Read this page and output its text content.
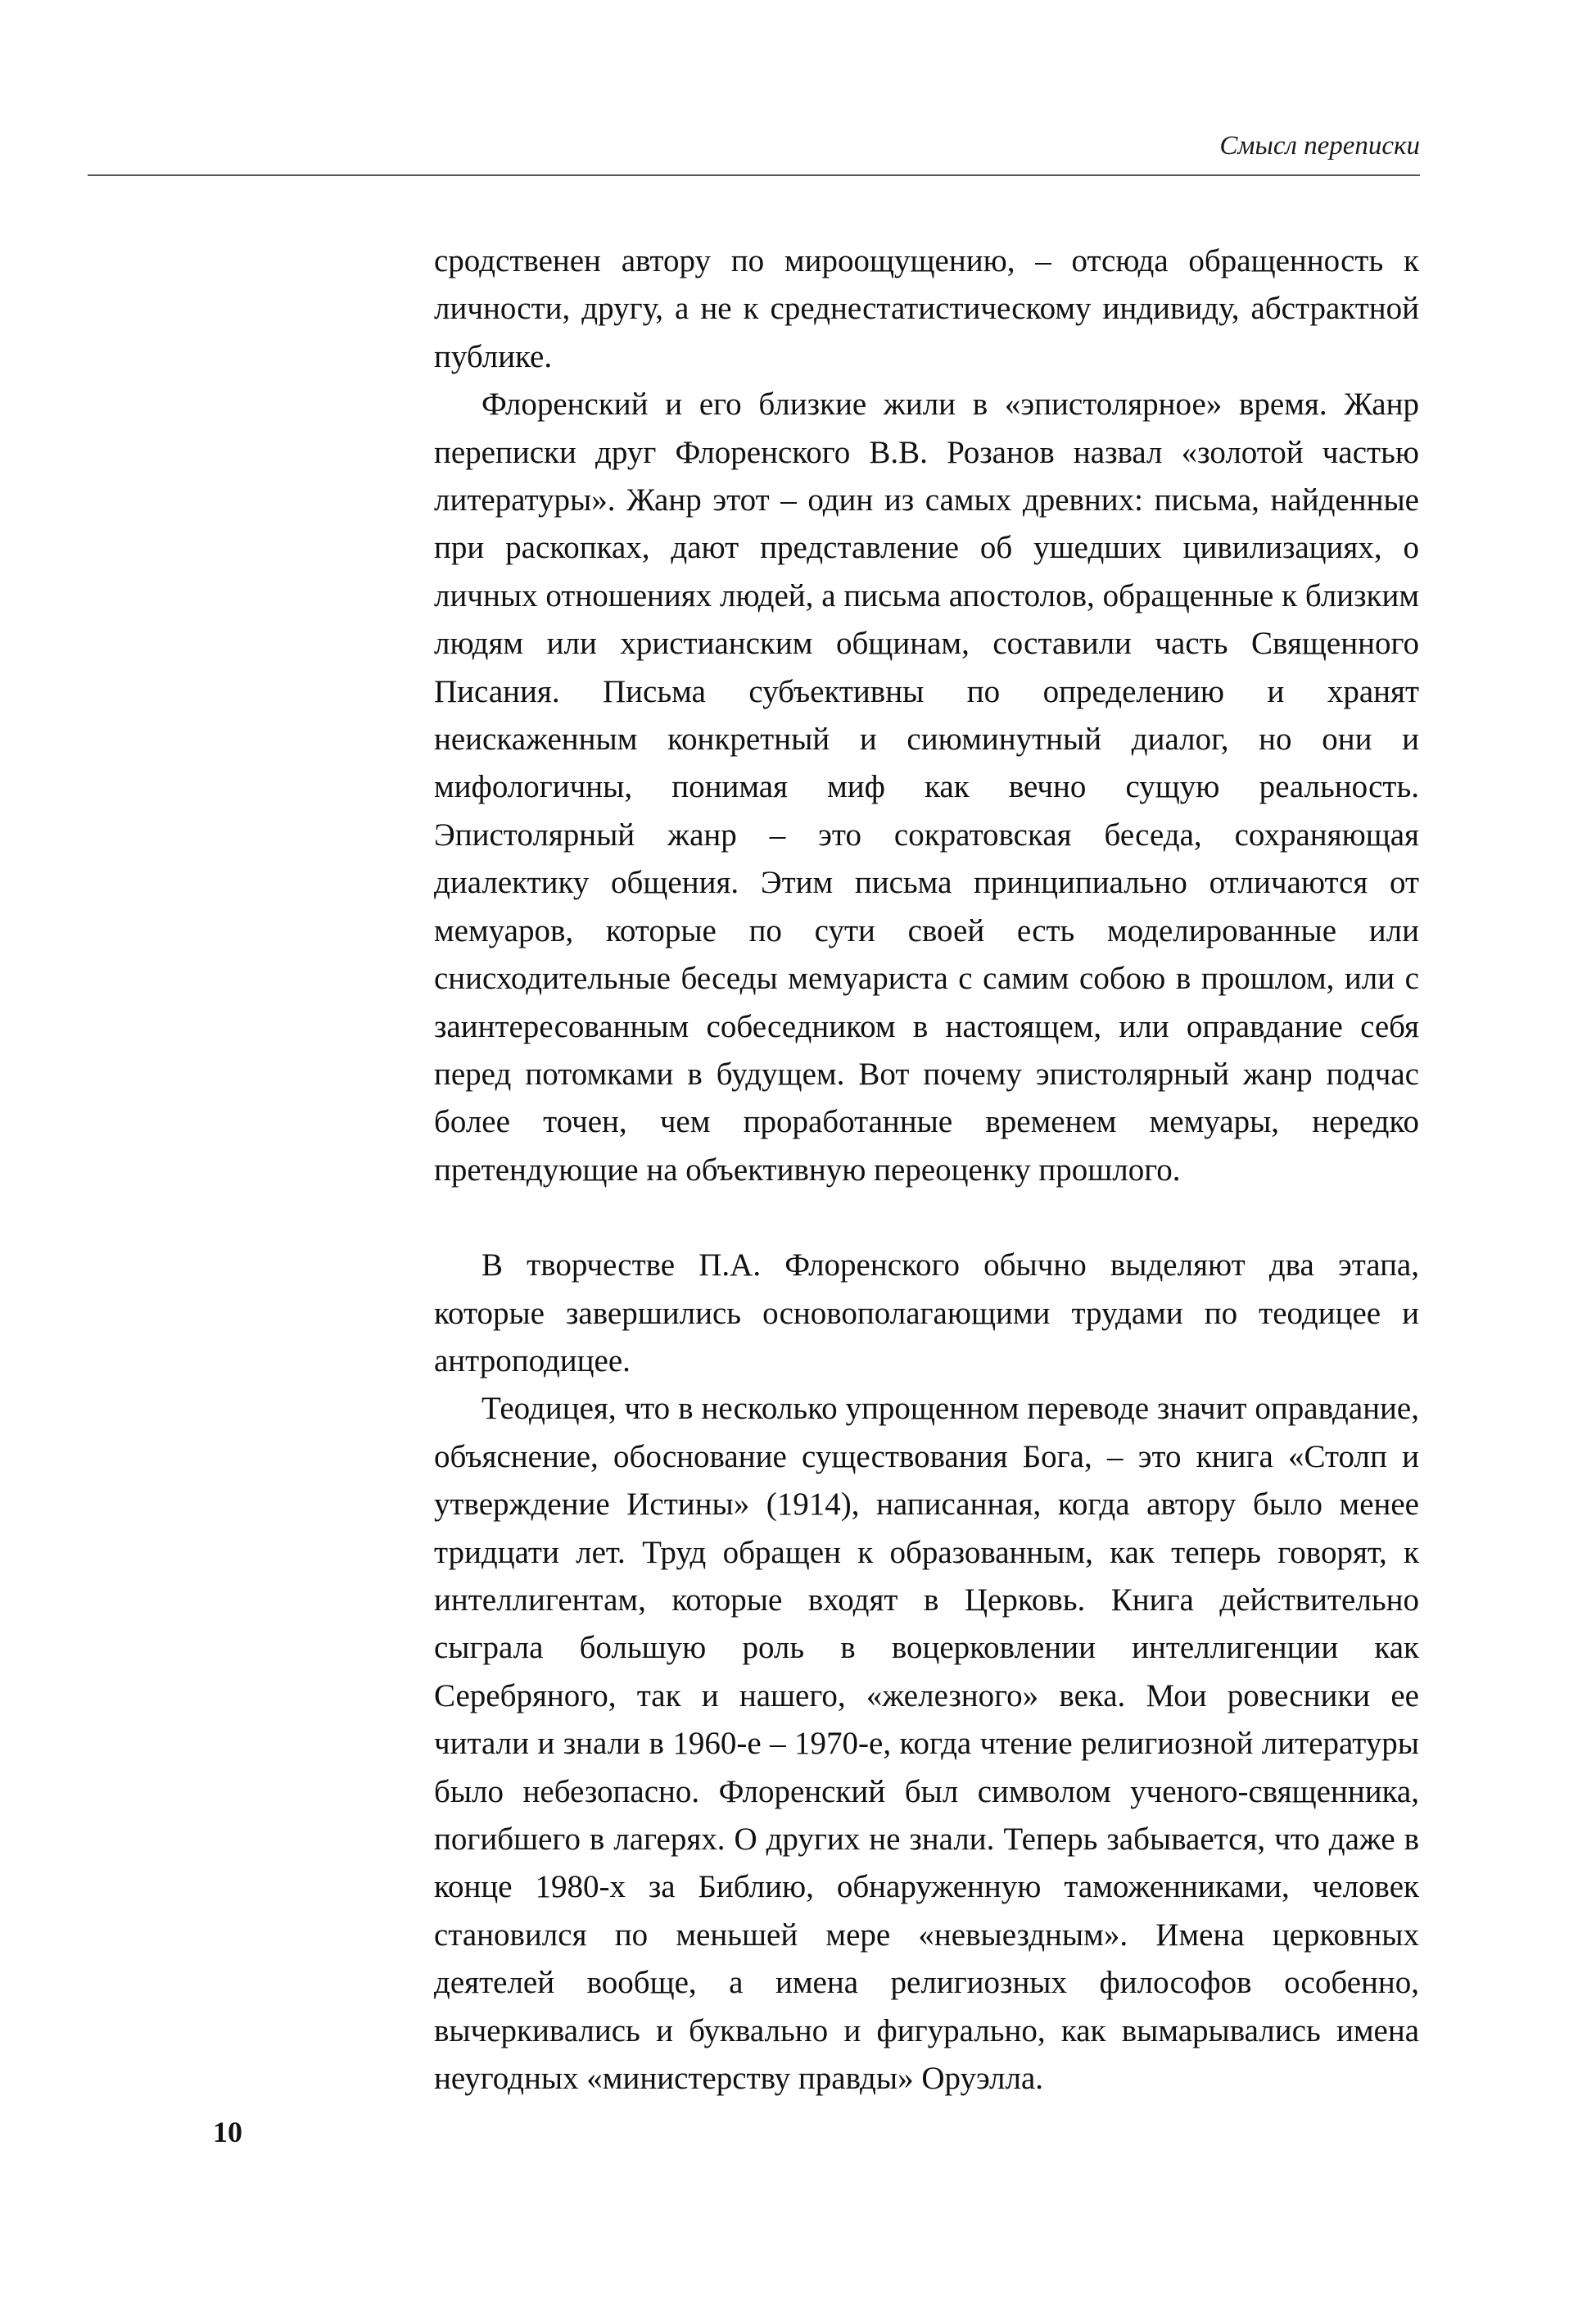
Смысл переписки

сродственен автору по мироощущению, – отсюда обращенность к личности, другу, а не к среднестатистическому индивиду, абстрактной публике.

Флоренский и его близкие жили в «эпистолярное» время. Жанр переписки друг Флоренского В.В. Розанов назвал «золотой частью литературы». Жанр этот – один из самых древних: письма, найденные при раскопках, дают представление об ушедших цивилизациях, о личных отношениях людей, а письма апостолов, обращенные к близким людям или христианским общинам, составили часть Священного Писания. Письма субъективны по определению и хранят неискаженным конкретный и сиюминутный диалог, но они и мифологичны, понимая миф как вечно сущую реальность. Эпистолярный жанр – это сократовская беседа, сохраняющая диалектику общения. Этим письма принципиально отличаются от мемуаров, которые по сути своей есть моделированные или снисходительные беседы мемуариста с самим собою в прошлом, или с заинтересованным собеседником в настоящем, или оправдание себя перед потомками в будущем. Вот почему эпистолярный жанр подчас более точен, чем проработанные временем мемуары, нередко претендующие на объективную переоценку прошлого.

В творчестве П.А. Флоренского обычно выделяют два этапа, которые завершились основополагающими трудами по теодицее и антроподицее.

Теодицея, что в несколько упрощенном переводе значит оправдание, объяснение, обоснование существования Бога, – это книга «Столп и утверждение Истины» (1914), написанная, когда автору было менее тридцати лет. Труд обращен к образованным, как теперь говорят, к интеллигентам, которые входят в Церковь. Книга действительно сыграла большую роль в воцерковлении интеллигенции как Серебряного, так и нашего, «железного» века. Мои ровесники ее читали и знали в 1960-е – 1970-е, когда чтение религиозной литературы было небезопасно. Флоренский был символом ученого-священника, погибшего в лагерях. О других не знали. Теперь забывается, что даже в конце 1980-х за Библию, обнаруженную таможенниками, человек становился по меньшей мере «невыездным». Имена церковных деятелей вообще, а имена религиозных философов особенно, вычеркивались и буквально и фигурально, как вымарывались имена неугодных «министерству правды» Оруэлла.

10
